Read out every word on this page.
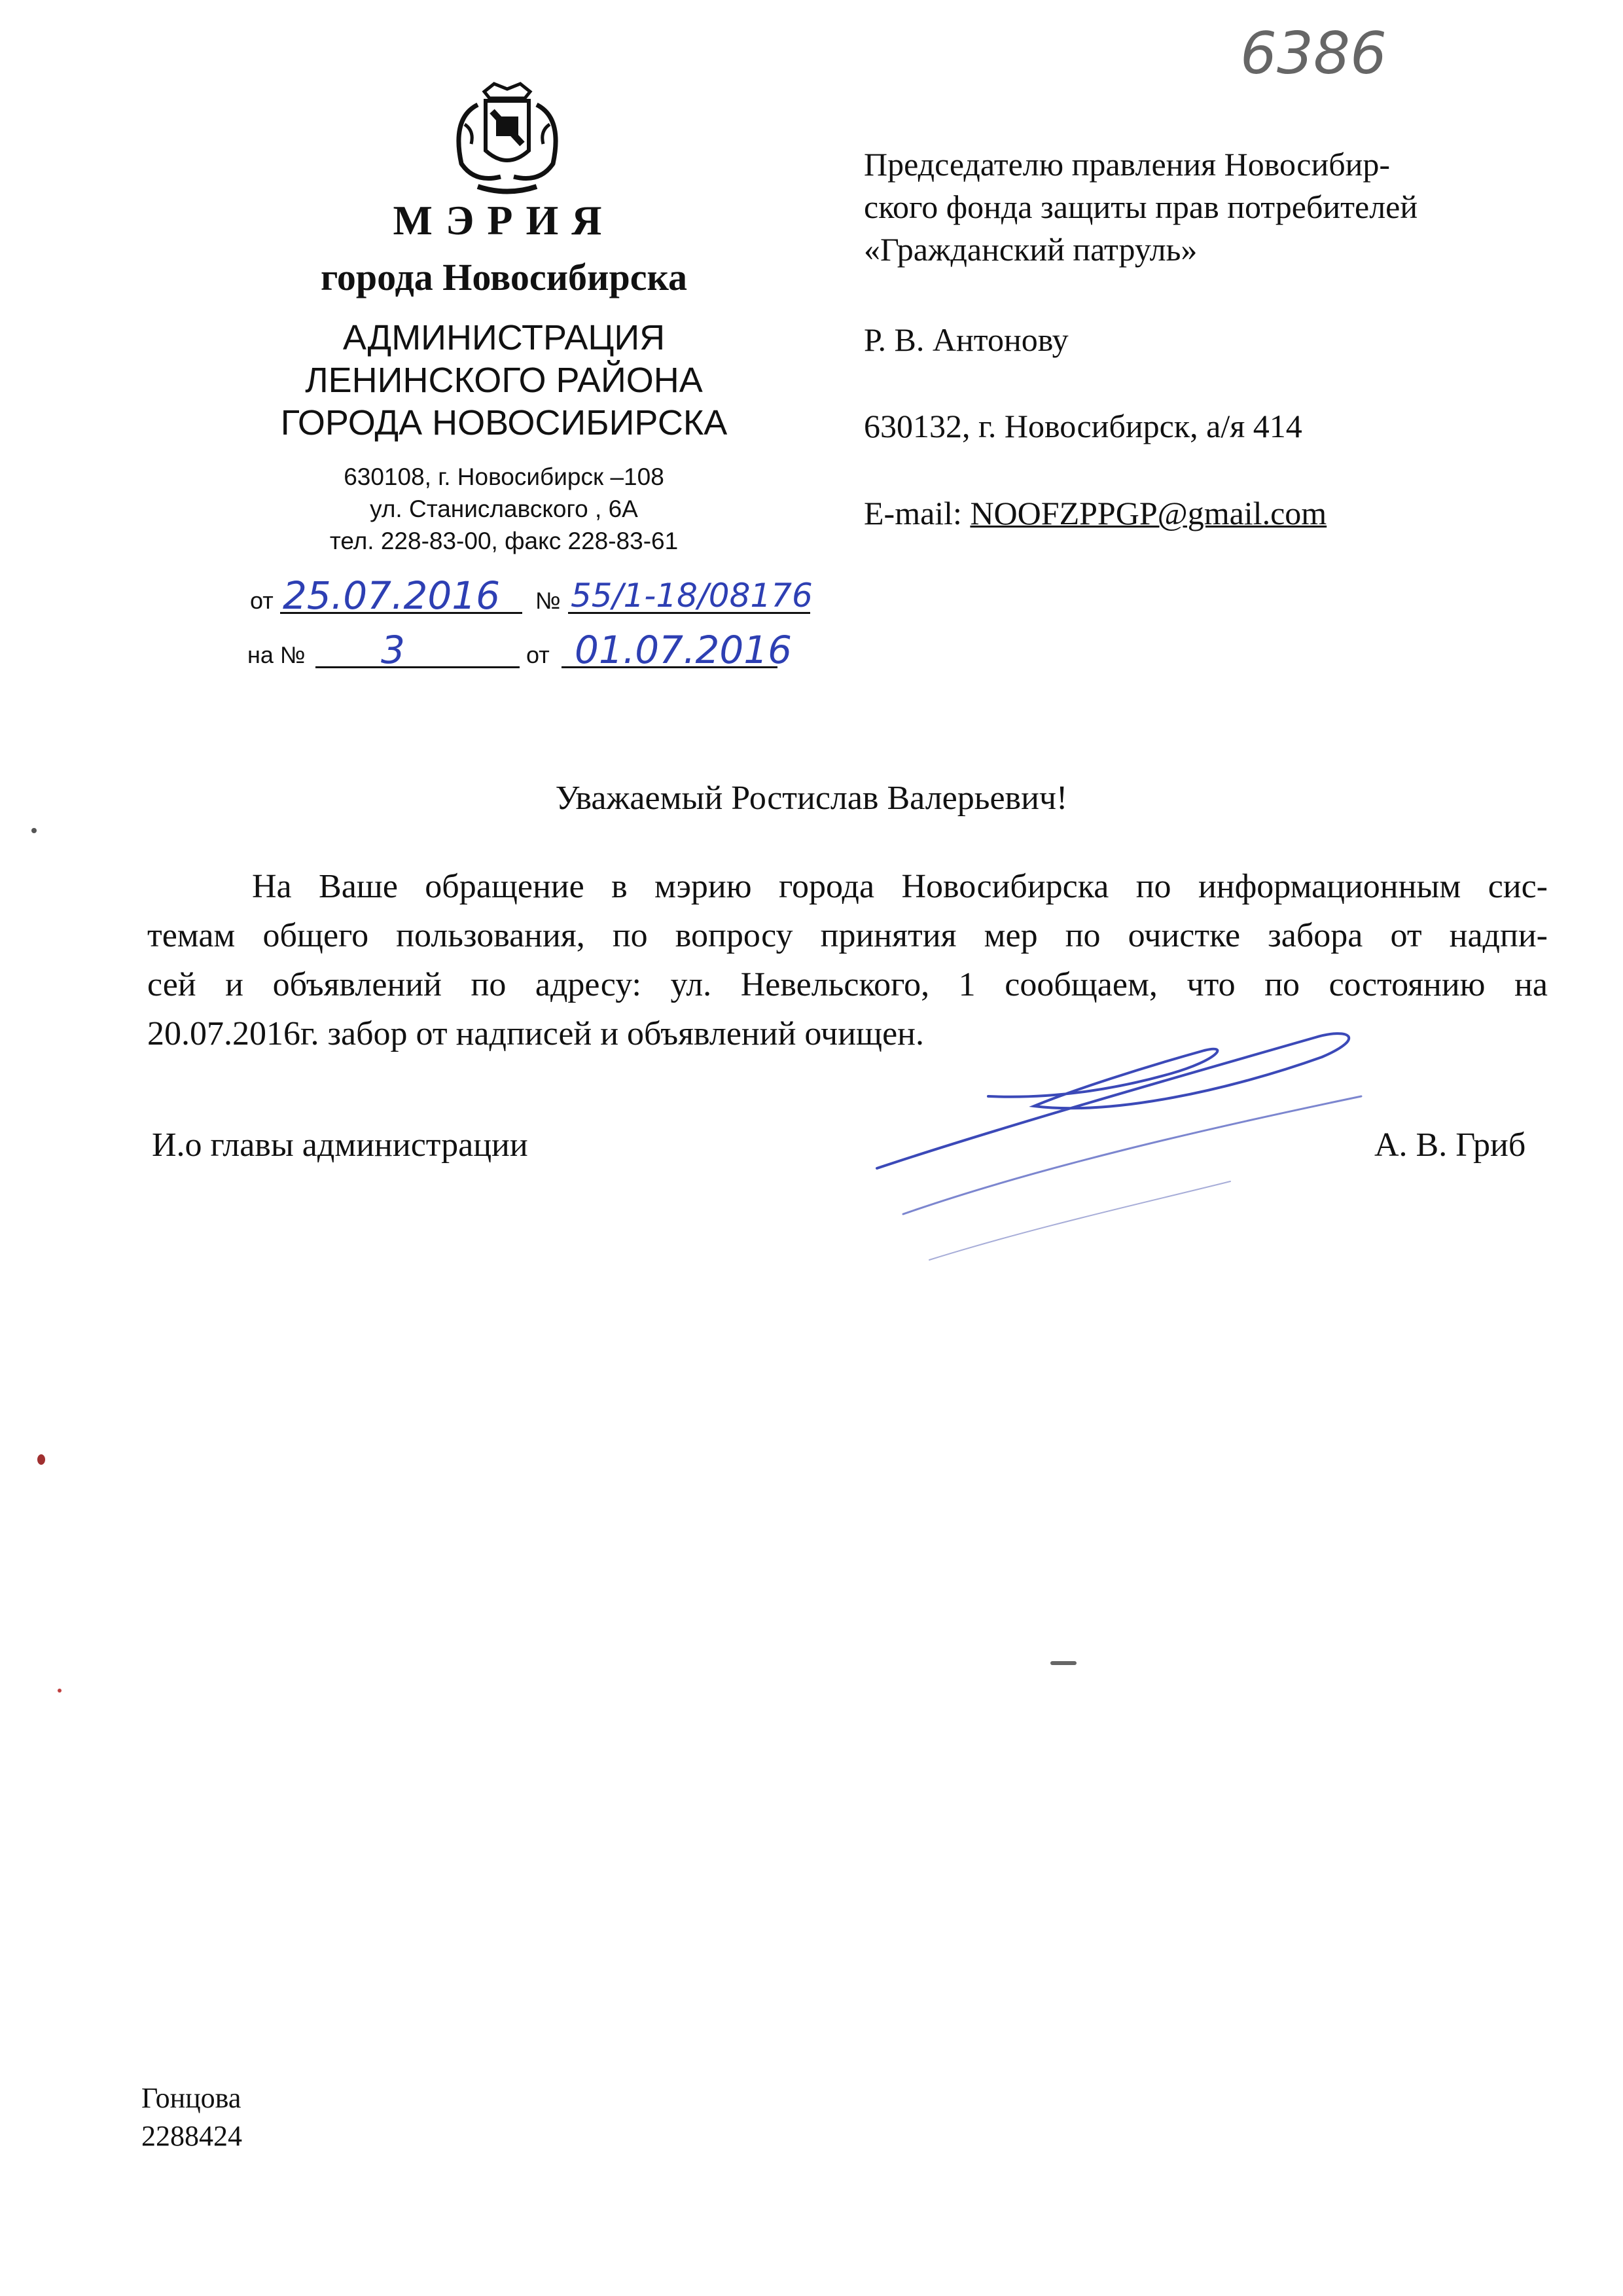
6386
МЭРИЯ
города Новосибирска
АДМИНИСТРАЦИЯ
ЛЕНИНСКОГО РАЙОНА
ГОРОДА НОВОСИБИРСКА
630108, г. Новосибирск –108
ул. Станиславского , 6А
тел. 228-83-00, факс 228-83-61
от 25.07.2016	№ 55/1-18/08176
на №	3	от 01.07.2016
Председателю правления Новосибир-
ского фонда защиты прав потребителей
«Гражданский патруль»
Р. В. Антонову
630132, г. Новосибирск, а/я 414
E-mail: NOOFZPPGP@gmail.com
Уважаемый Ростислав Валерьевич!
На Ваше обращение в мэрию города Новосибирска по информационным сис-
темам общего пользования, по вопросу принятия мер по очистке забора от надпи-
сей и объявлений по адресу: ул. Невельского, 1 сообщаем, что по состоянию на
20.07.2016г. забор от надписей и объявлений очищен.
И.о главы администрации	А. В. Гриб
Гонцова
2288424
